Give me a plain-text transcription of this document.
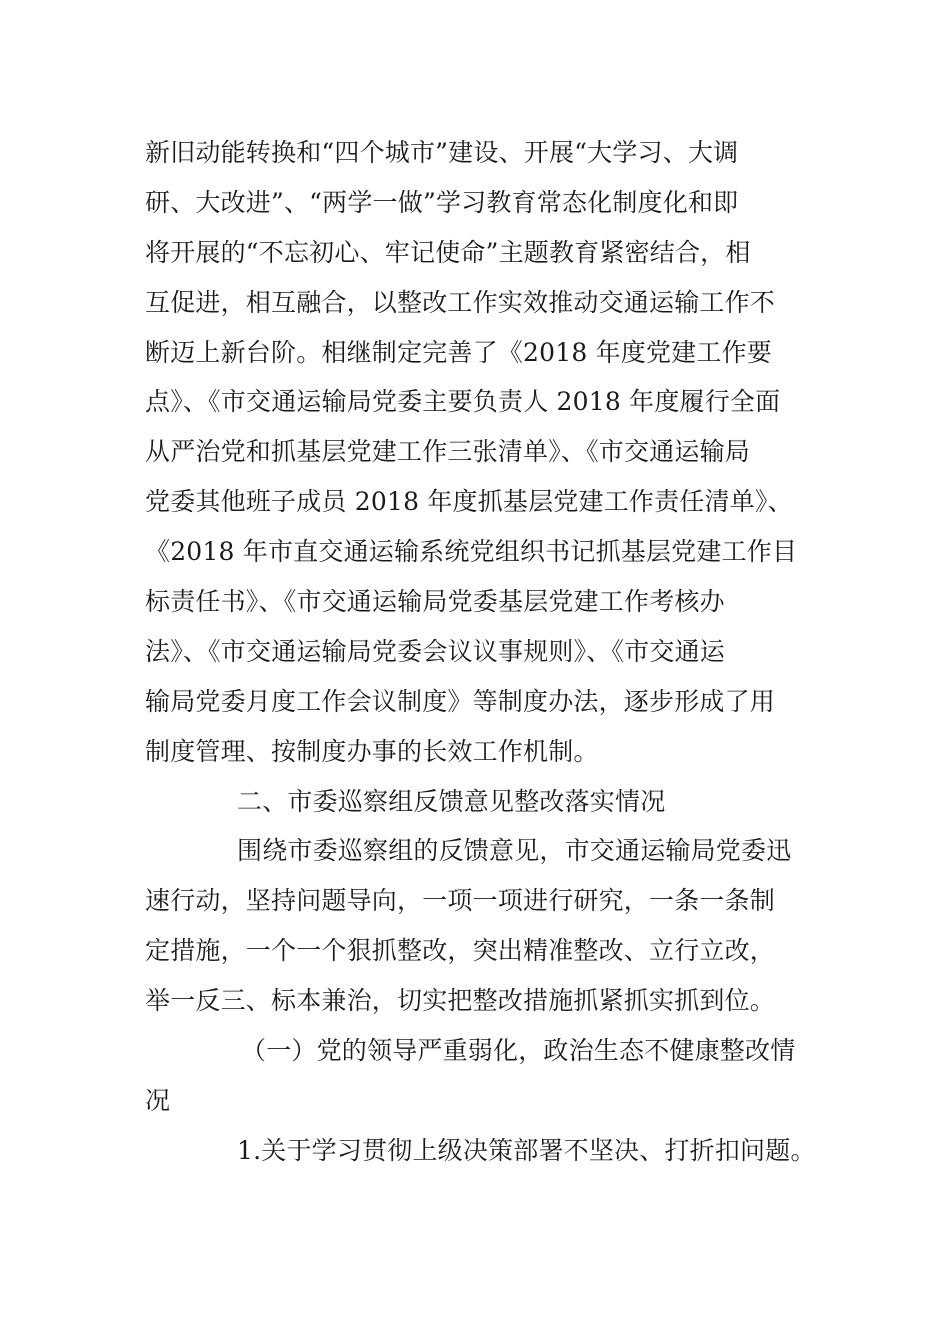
新旧动能转换和“四个城市”建设、开展“大学习、大调
研、大改进”、“两学一做”学习教育常态化制度化和即
将开展的“不忘初心、牢记使命”主题教育紧密结合，相
互促进，相互融合，以整改工作实效推动交通运输工作不
断迈上新台阶。相继制定完善了《2018 年度党建工作要
点》、《市交通运输局党委主要负责人 2018 年度履行全面
从严治党和抓基层党建工作三张清单》、《市交通运输局
党委其他班子成员 2018 年度抓基层党建工作责任清单》、
《2018 年市直交通运输系统党组织书记抓基层党建工作目
标责任书》、《市交通运输局党委基层党建工作考核办
法》、《市交通运输局党委会议议事规则》、《市交通运
输局党委月度工作会议制度》等制度办法，逐步形成了用
制度管理、按制度办事的长效工作机制。
二、市委巡察组反馈意见整改落实情况
围绕市委巡察组的反馈意见，市交通运输局党委迅
速行动，坚持问题导向，一项一项进行研究，一条一条制
定措施，一个一个狠抓整改，突出精准整改、立行立改，
举一反三、标本兼治，切实把整改措施抓紧抓实抓到位。
（一）党的领导严重弱化，政治生态不健康整改情
况
1.关于学习贯彻上级决策部署不坚决、打折扣问题。
